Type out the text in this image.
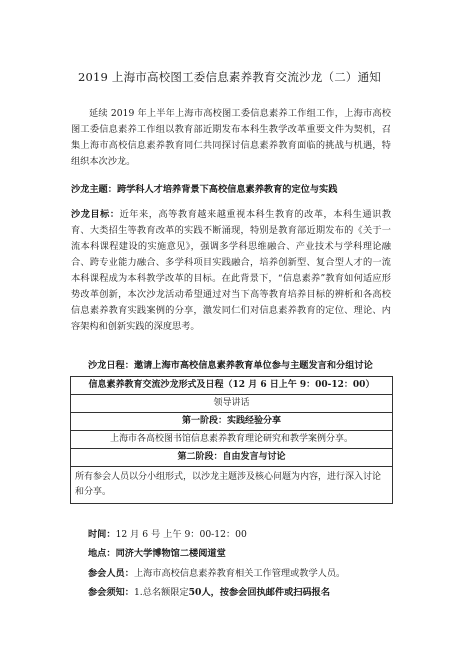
2019 上海市高校图工委信息素养教育交流沙龙（二）通知
延续 2019 年上半年上海市高校图工委信息素养工作组工作，上海市高校图工委信息素养工作组以教育部近期发布本科生教学改革重要文件为契机，召集上海市高校信息素养教育同仁共同探讨信息素养教育面临的挑战与机遇，特组织本次沙龙。
沙龙主题：跨学科人才培养背景下高校信息素养教育的定位与实践
沙龙目标：近年来，高等教育越来越重视本科生教育的改革，本科生通识教育、大类招生等教育改革的实践不断涌现，特别是教育部近期发布的《关于一流本科课程建设的实施意见》，强调多学科思维融合、产业技术与学科理论融合、跨专业能力融合、多学科项目实践融合，培养创新型、复合型人才的一流本科课程成为本科教学改革的目标。在此背景下，“信息素养”教育如何适应形势改革创新，本次沙龙活动希望通过对当下高等教育培养目标的辨析和各高校信息素养教育实践案例的分享，激发同仁们对信息素养教育的定位、理论、内容架构和创新实践的深度思考。
沙龙日程：邀请上海市高校信息素养教育单位参与主题发言和分组讨论
信息素养教育交流沙龙形式及日程（12 月 6 日上午 9：00-12：00）
领导讲话
第一阶段：实践经验分享
上海市各高校图书馆信息素养教育理论研究和教学案例分享。
第二阶段：自由发言与讨论
所有参会人员以分小组形式，以沙龙主题涉及核心问题为内容，进行深入讨论和分享。
时间：12 月 6 号 上午 9：00-12：00
地点：同济大学博物馆二楼阅道堂
参会人员：上海市高校信息素养教育相关工作管理或教学人员。
参会须知：1.总名额限定50人，按参会回执邮件或扫码报名
